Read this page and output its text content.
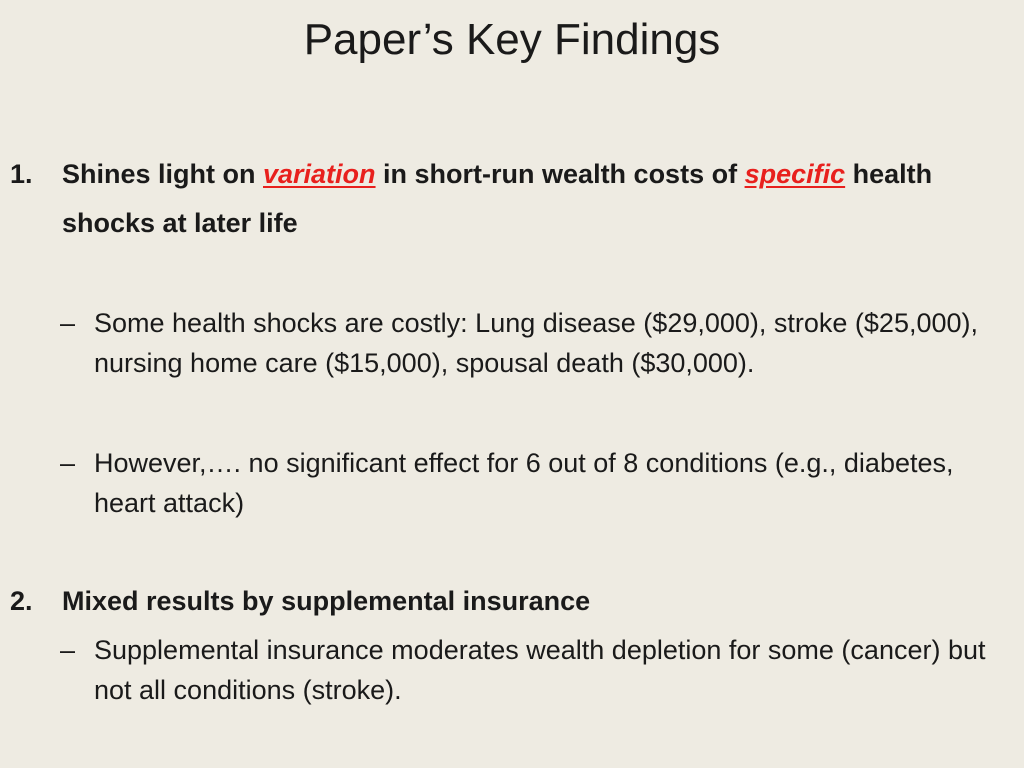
Paper’s Key Findings
1. Shines light on variation in short-run wealth costs of specific health shocks at later life
– Some health shocks are costly: Lung disease ($29,000), stroke ($25,000), nursing home care ($15,000), spousal death ($30,000).
– However,…. no significant effect for 6 out of 8 conditions (e.g., diabetes, heart attack)
2. Mixed results by supplemental insurance
– Supplemental insurance moderates wealth depletion for some (cancer) but not all conditions (stroke).
